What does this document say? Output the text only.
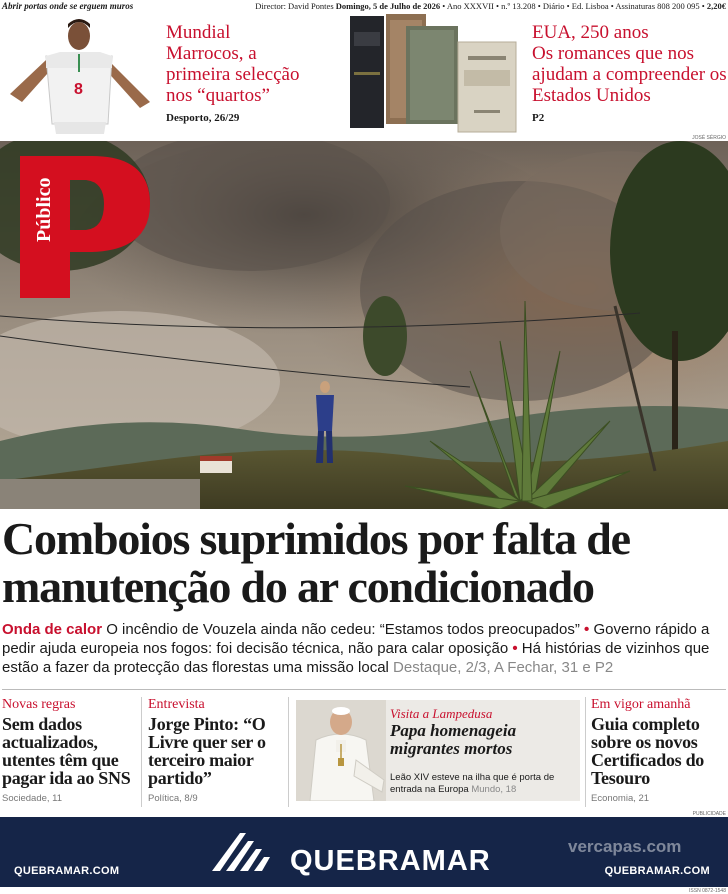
Abrir portas onde se erguem muros	Director: David Pontes Domingo, 5 de Julho de 2026 • Ano XXXVII • n.º 13.208 • Diário • Ed. Lisboa • Assinaturas 808 200 095 • 2,20€
8
Mundial
Marrocos, a primeira selecção nos “quartos”
Desporto, 26/29
EUA, 250 anos
Os romances que nos ajudam a compreender os Estados Unidos
P2
JOSÉ SÉRGIO
P
Público
Comboios suprimidos por falta de manutenção do ar condicionado

Onda de calor O incêndio de Vouzela ainda não cedeu: “Estamos todos preocupados” • Governo rápido a pedir ajuda europeia nos fogos: foi decisão técnica, não para calar oposição • Há histórias de vizinhos que estão a fazer da protecção das florestas uma missão local Destaque, 2/3, A Fechar, 31 e P2

Novas regras
Sem dados actualizados, utentes têm que pagar ida ao SNS
Sociedade, 11
Entrevista
Jorge Pinto: “O Livre quer ser o terceiro maior partido”
Política, 8/9
Visita a Lampedusa
Papa homenageia migrantes mortos
Leão XIV esteve na ilha que é porta de entrada na Europa Mundo, 18
Em vigor amanhã
Guia completo sobre os novos Certificados do Tesouro
Economia, 21
PUBLICIDADE
QUEBRAMAR.COM	QUEBRAMAR	vercapas.com
QUEBRAMAR.COM
ISSN 0872-1548
